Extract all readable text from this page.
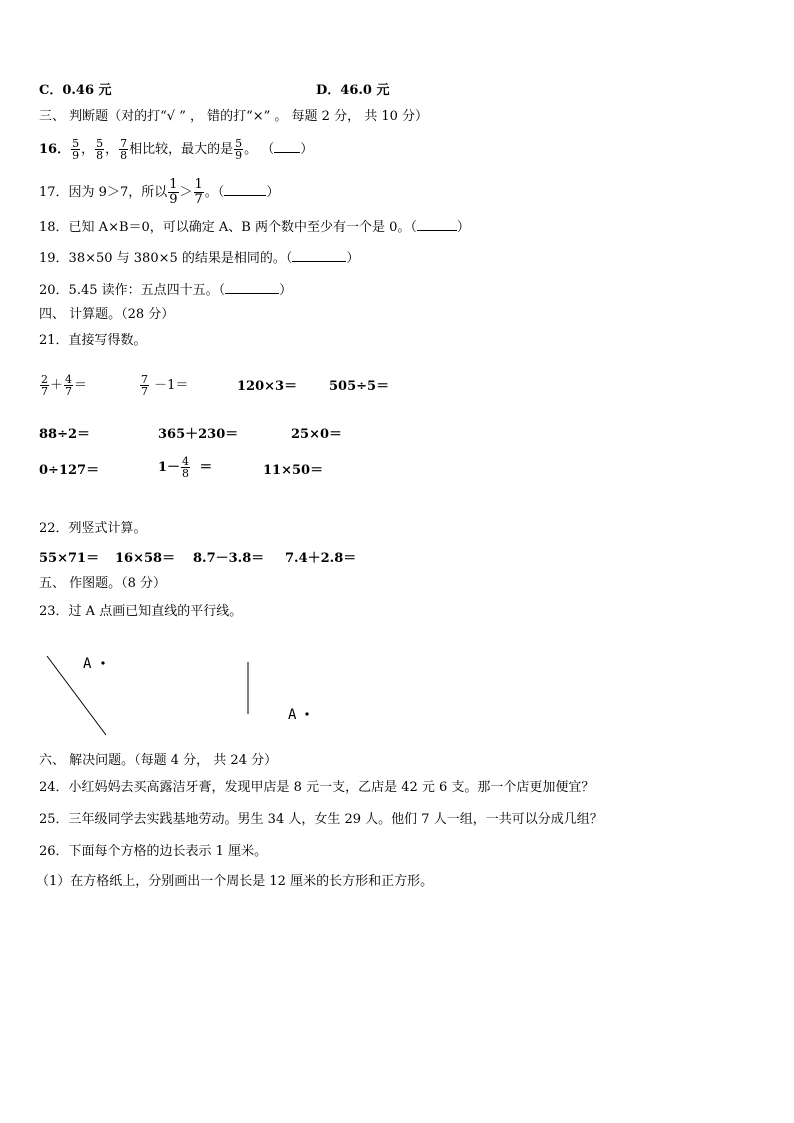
C．0.46 元	D．46.0 元
三、 判断题（对的打“√ ” ， 错的打“×” 。 每题 2 分， 共 10 分）
16． $\frac{5}{9}$ ， $\frac{5}{8}$ ， $\frac{7}{8}$ 相比较，最大的是 $\frac{5}{9}$ 。 （ ）
17．因为 9＞7，所以 $\frac{1}{9} > \frac{1}{7}$ 。（	）
18．已知 A×B＝0，可以确定 A、B 两个数中至少有一个是 0。（	）
19．38×50 与 380×5 的结果是相同的。（	）
20．5.45 读作：五点四十五。（	）
四、 计算题。（28 分）
21．直接写得数。
$\frac{2}{7} + \frac{4}{7}$ ＝	$\frac{7}{7} -1=$	120×3＝ 505÷5＝
88÷2＝	365＋230＝	25×0＝
0÷127＝	$1- \frac{4}{8}$ ＝	11×50＝
22．列竖式计算。
55×71＝ 16×58＝ 8.7－3.8＝ 7.4＋2.8＝
五、 作图题。（8 分）
23．过 A 点画已知直线的平行线。
A
A
六、 解决问题。（每题 4 分， 共 24 分）
24．小红妈妈去买高露洁牙膏，发现甲店是 8 元一支，乙店是 42 元 6 支。那一个店更加便宜？
25．三年级同学去实践基地劳动。男生 34 人，女生 29 人。他们 7 人一组，一共可以分成几组？
26．下面每个方格的边长表示 1 厘米。
（1）在方格纸上，分别画出一个周长是 12 厘米的长方形和正方形。
